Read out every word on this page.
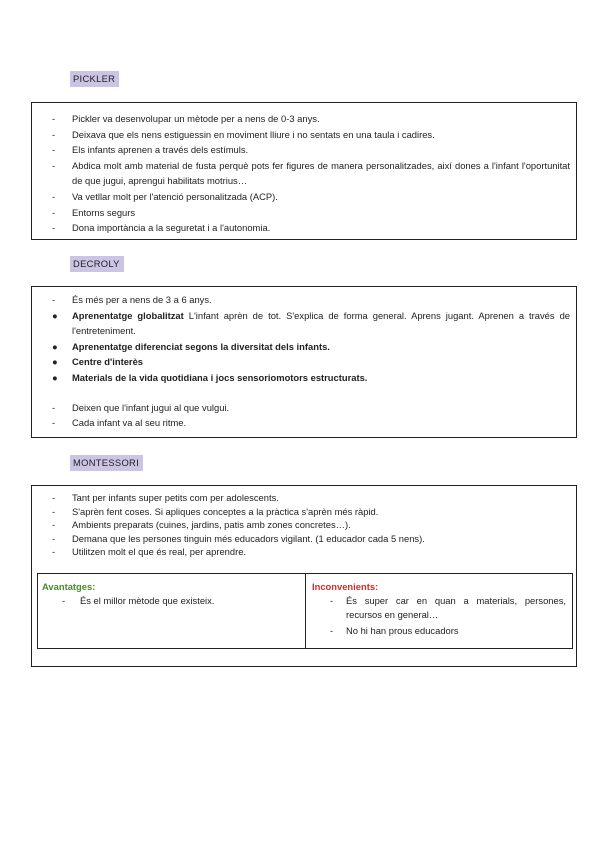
PICKLER
- Pickler va desenvolupar un mètode per a nens de 0-3 anys.
- Deixava que els nens estiguessin en moviment lliure i no sentats en una taula i cadires.
- Els infants aprenen a través dels estímuls.
- Abdica molt amb material de fusta perquè pots fer figures de manera personalitzades, així dones a l'infant l'oportunitat de que jugui, aprengui habilitats motrius…
- Va vetllar molt per l'atenció personalitzada (ACP).
- Entorns segurs
- Dona importància a la seguretat i a l'autonomia.
DECROLY
- És més per a nens de 3 a 6 anys.
● Aprenentatge globalitzat L'infant aprèn de tot. S'explica de forma general. Aprens jugant. Aprenen a través de l'entreteniment.
● Aprenentatge diferenciat segons la diversitat dels infants.
● Centre d'interès
● Materials de la vida quotidiana i jocs sensoriomotors estructurats.
- Deixen que l'infant jugui al que vulgui.
- Cada infant va al seu ritme.
MONTESSORI
- Tant per infants super petits com per adolescents.
- S'aprèn fent coses. Si apliques conceptes a la pràctica s'aprèn més ràpid.
- Ambients preparats (cuines, jardins, patis amb zones concretes…).
- Demana que les persones tinguin més educadors vigilant. (1 educador cada 5 nens).
- Utilitzen molt el que és real, per aprendre.
Avantatges:
- És el millor mètode que existeix.
Inconvenients:
- És super car en quan a materials, persones, recursos en general…
- No hi han prous educadors
